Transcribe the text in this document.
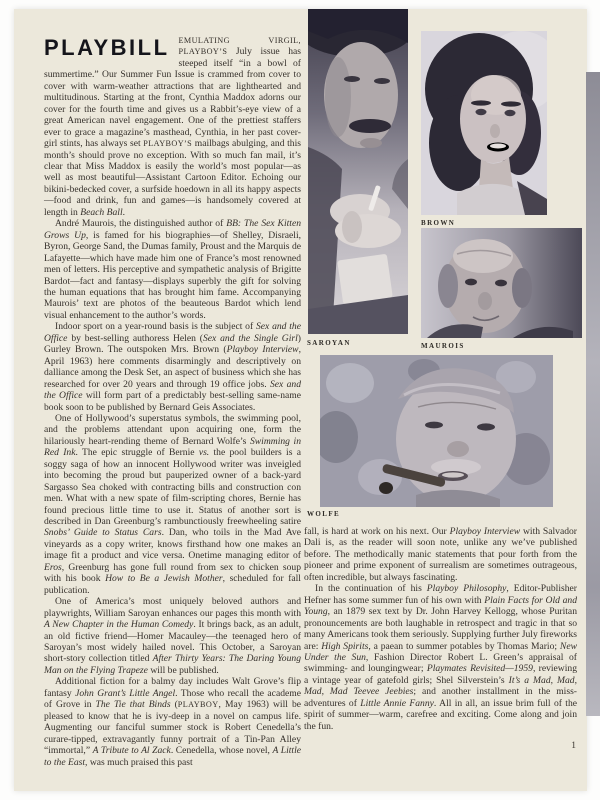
BROWN
SAROYAN	MAUROIS
WOLFE
PLAYBILL	EMULATING VIRGIL, PLAYBOY’S July issue has steeped itself “in a bowl of summertime.” Our Summer Fun Issue is crammed from cover to cover with warm-weather attractions that are lighthearted and multitudinous. Starting at the front, Cynthia Maddox adorns our cover for the fourth time and gives us a Rabbit’s-eye view of a great American navel engagement. One of the prettiest staffers ever to grace a magazine’s masthead, Cynthia, in her past cover-girl stints, has always set PLAYBOY’S mailbags abulging, and this month’s should prove no exception. With so much fan mail, it’s clear that Miss Maddox is easily the world’s most popular—as well as most beautiful—Assistant Cartoon Editor. Echoing our bikini-bedecked cover, a surfside hoedown in all its happy aspects—food and drink, fun and games—is handsomely covered at length in Beach Ball.

André Maurois, the distinguished author of BB: The Sex Kitten Grows Up, is famed for his biographies—of Shelley, Disraeli, Byron, George Sand, the Dumas family, Proust and the Marquis de Lafayette—which have made him one of France’s most renowned men of letters. His perceptive and sympathetic analysis of Brigitte Bardot—fact and fantasy—displays superbly the gift for solving the human equations that has brought him fame. Accompanying Maurois’ text are photos of the beauteous Bardot which lend visual enhancement to the author’s words.

Indoor sport on a year-round basis is the subject of Sex and the Office by best-selling authoress Helen (Sex and the Single Girl) Gurley Brown. The outspoken Mrs. Brown (Playboy Interview, April 1963) here comments disarmingly and descriptively on dalliance among the Desk Set, an aspect of business which she has researched for over 20 years and through 19 office jobs. Sex and the Office will form part of a predictably best-selling same-name book soon to be published by Bernard Geis Associates.

One of Hollywood’s superstatus symbols, the swimming pool, and the problems attendant upon acquiring one, form the hilariously heart-rending theme of Bernard Wolfe’s Swimming in Red Ink. The epic struggle of Bernie vs. the pool builders is a soggy saga of how an innocent Hollywood writer was inveigled into becoming the proud but pauperized owner of a back-yard Sargasso Sea choked with contracting bills and construction con men. What with a new spate of film-scripting chores, Bernie has found precious little time to use it. Status of another sort is described in Dan Greenburg’s rambunctiously freewheeling satire Snobs’ Guide to Status Cars. Dan, who toils in the Mad Ave vineyards as a copy writer, knows firsthand how one makes an image fit a product and vice versa. Onetime managing editor of Eros, Greenburg has gone full round from sex to chicken soup with his book How to Be a Jewish Mother, scheduled for fall publication.

One of America’s most uniquely beloved authors and playwrights, William Saroyan enhances our pages this month with A New Chapter in the Human Comedy. It brings back, as an adult, an old fictive friend—Homer Macauley—the teenaged hero of Saroyan’s most widely hailed novel. This October, a Saroyan short-story collection titled After Thirty Years: The Daring Young Man on the Flying Trapeze will be published.

Additional fiction for a balmy day includes Walt Grove’s flip fantasy John Grant’s Little Angel. Those who recall the academe of Grove in The Tie that Binds (PLAYBOY, May 1963) will be pleased to know that he is ivy-deep in a novel on campus life. Augmenting our fanciful summer stock is Robert Cenedella’s curare-tipped, extravagantly funny portrait of a Tin-Pan Alley “immortal,” A Tribute to Al Zack. Cenedella, whose novel, A Little to the East, was much praised this past

fall, is hard at work on his next. Our Playboy Interview with Salvador Dali is, as the reader will soon note, unlike any we’ve published before. The methodically manic statements that pour forth from the pioneer and prime exponent of surrealism are sometimes outrageous, often incredible, but always fascinating.

In the continuation of his Playboy Philosophy, Editor-Publisher Hefner has some summer fun of his own with Plain Facts for Old and Young, an 1879 sex text by Dr. John Harvey Kellogg, whose Puritan pronouncements are both laughable in retrospect and tragic in that so many Americans took them seriously. Supplying further July fireworks are: High Spirits, a paean to summer potables by Thomas Mario; New Under the Sun, Fashion Director Robert L. Green’s appraisal of swimming- and loungingwear; Playmates Revisited—1959, reviewing a vintage year of gatefold girls; Shel Silverstein’s It’s a Mad, Mad, Mad, Mad Teevee Jeebies; and another installment in the miss-adventures of Little Annie Fanny. All in all, an issue brim full of the spirit of summer—warm, carefree and exciting. Come along and join the fun.

1
